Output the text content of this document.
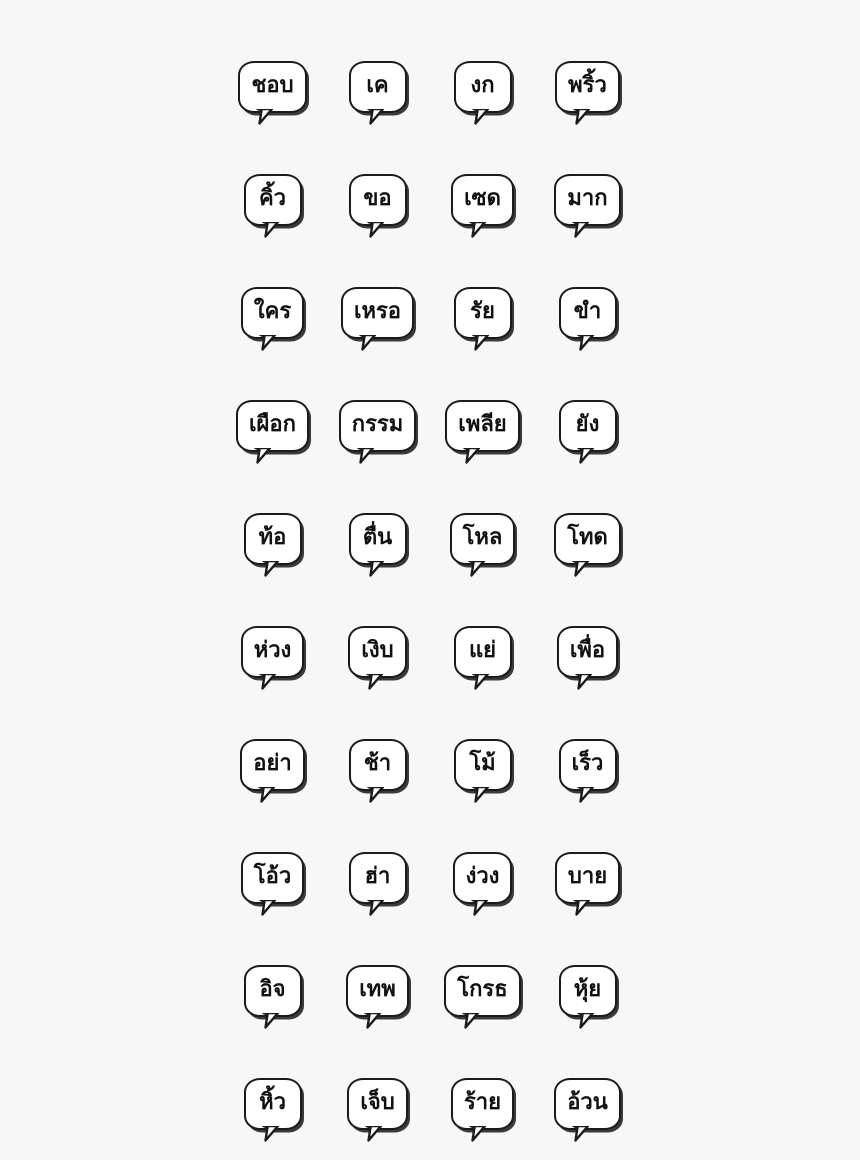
ชอบ	เค	งก	พริ้ว
คิ้ว	ขอ	เซด	มาก
ใคร	เหรอ	รัย	ขำ
เผือก	กรรม	เพลีย	ยัง
ท้อ	ตื่น	โหล	โทด
ห่วง	เงิบ	แย่	เพื่อ
อย่า	ช้า	โม้	เร็ว
โอ้ว	ฮ่า	ง่วง	บาย
อิจ	เทพ	โกรธ	หุ้ย
หิ้ว	เจ็บ	ร้าย	อ้วน
